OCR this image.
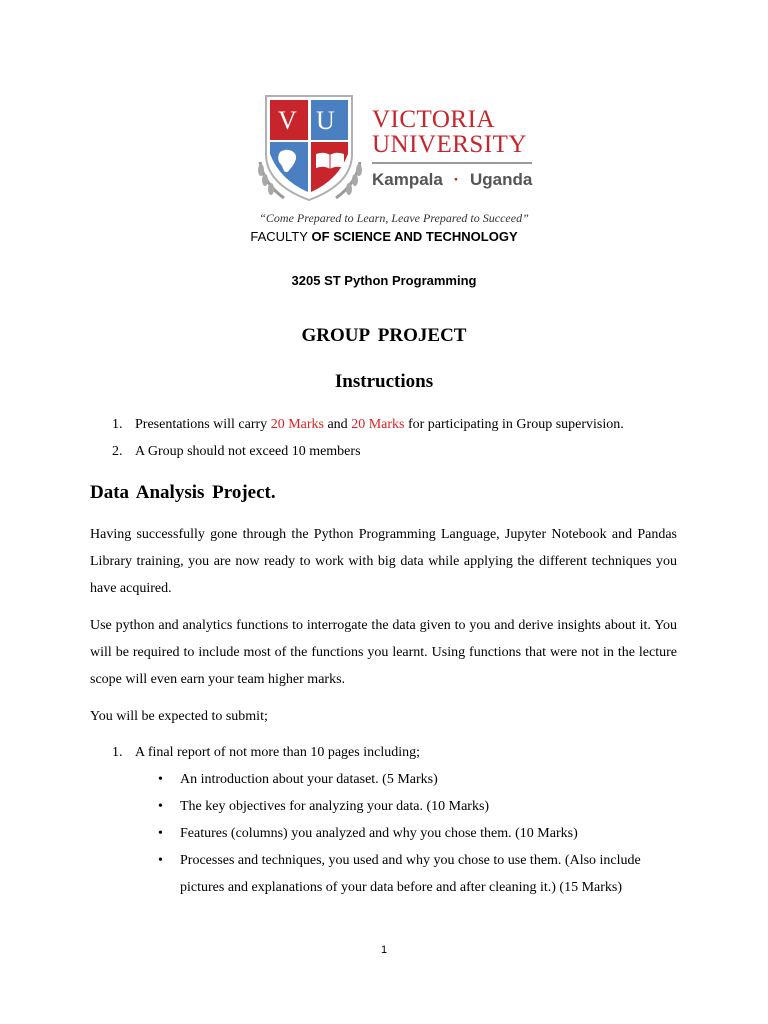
V U VICTORIA
UNIVERSITY
Kampala · Uganda
“Come Prepared to Learn, Leave Prepared to Succeed”
FACULTY OF SCIENCE AND TECHNOLOGY
3205 ST Python Programming
GROUP PROJECT
Instructions
1. Presentations will carry 20 Marks and 20 Marks for participating in Group supervision.
2. A Group should not exceed 10 members
Data Analysis Project.
Having successfully gone through the Python Programming Language, Jupyter Notebook and Pandas Library training, you are now ready to work with big data while applying the different techniques you have acquired.
Use python and analytics functions to interrogate the data given to you and derive insights about it. You will be required to include most of the functions you learnt. Using functions that were not in the lecture scope will even earn your team higher marks.
You will be expected to submit;
1. A final report of not more than 10 pages including;
• An introduction about your dataset. (5 Marks)
• The key objectives for analyzing your data. (10 Marks)
• Features (columns) you analyzed and why you chose them. (10 Marks)
• Processes and techniques, you used and why you chose to use them. (Also include pictures and explanations of your data before and after cleaning it.) (15 Marks)
1
